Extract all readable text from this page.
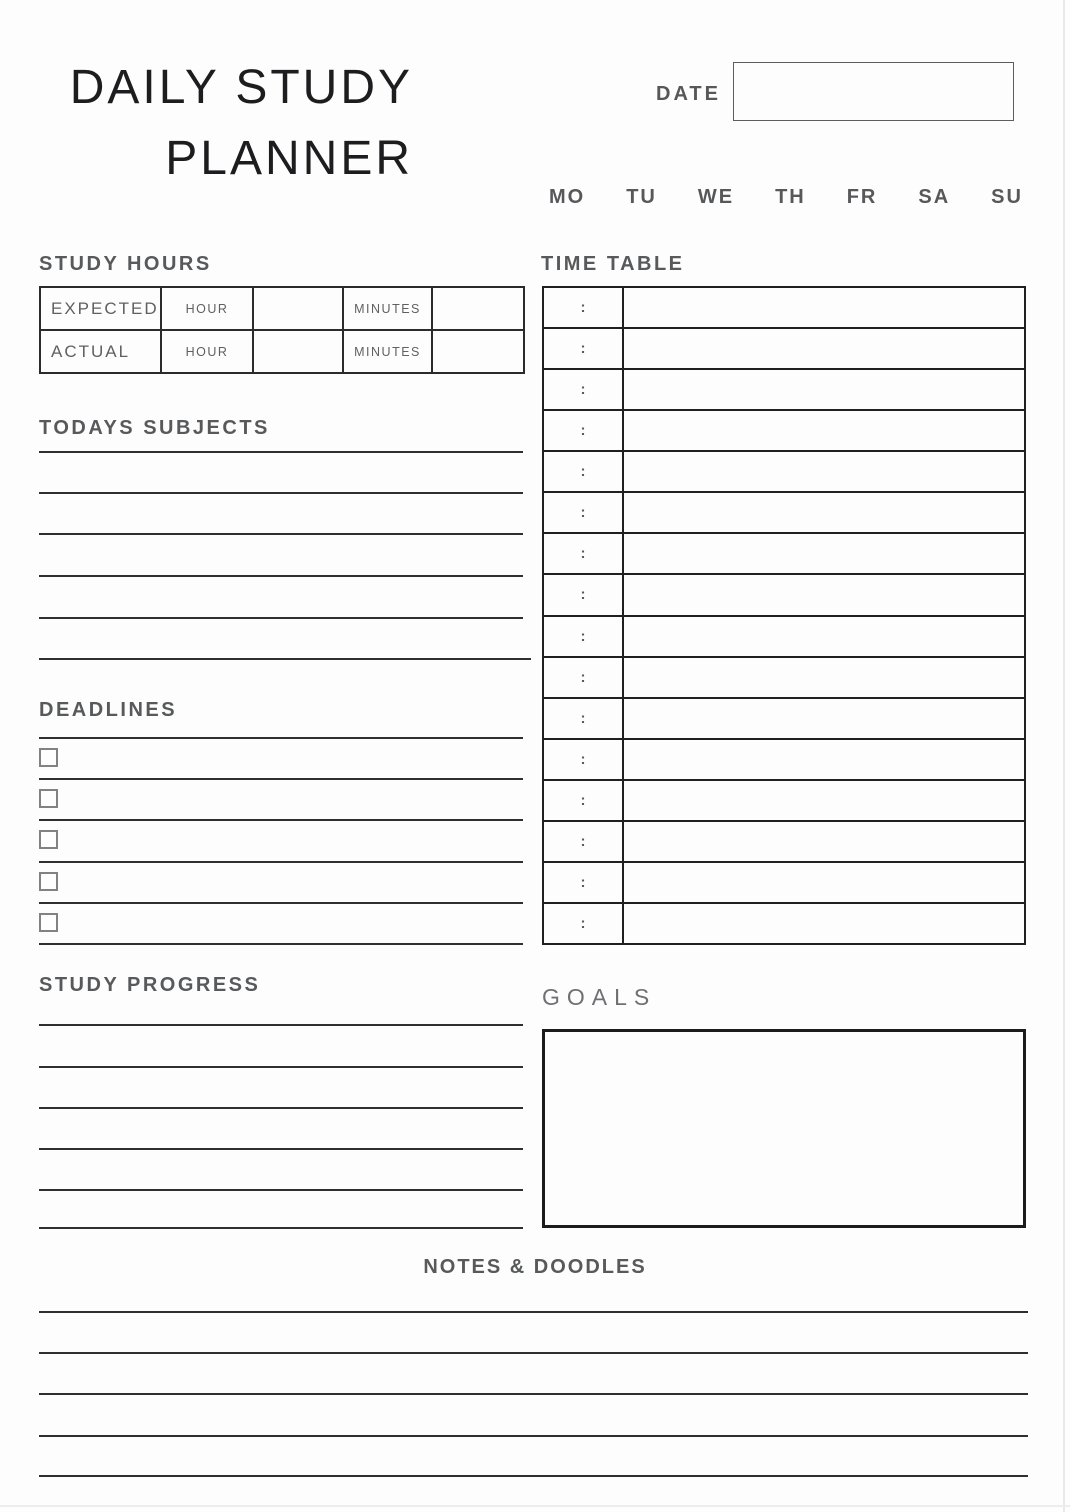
DAILY STUDY
PLANNER
DATE
MO TU WE TH FR SA SU
STUDY HOURS	TIME TABLE
TODAYS SUBJECTS
DEADLINES
STUDY PROGRESS	GOALS
NOTES & DOODLES
EXPECTED	HOUR		MINUTES	
ACTUAL	HOUR		MINUTES	
:	
:	
:	
:	
:	
:	
:	
:	
:	
:	
:	
:	
:	
:	
:	
:	
